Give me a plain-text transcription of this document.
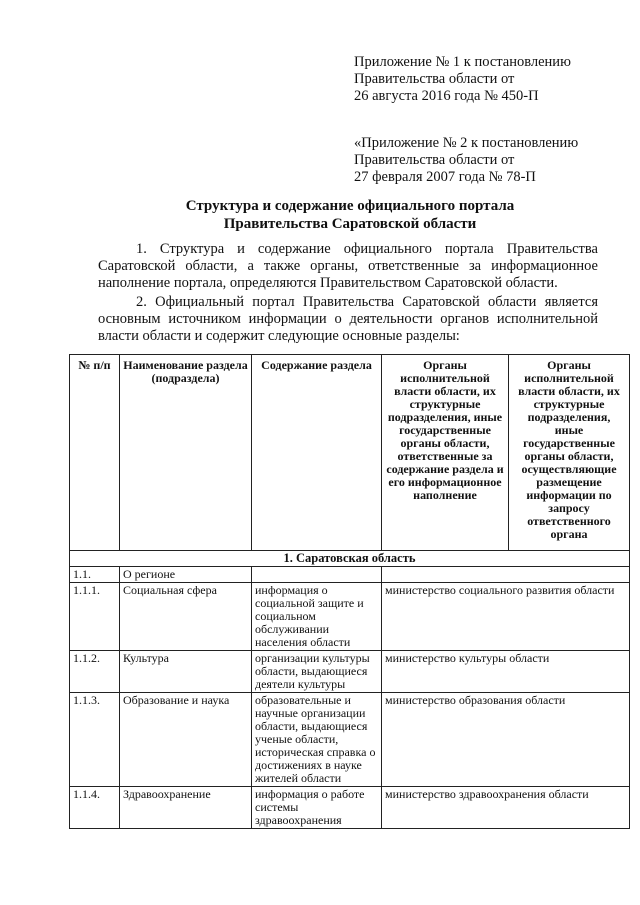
Приложение № 1 к постановлению
Правительства области от
26 августа 2016 года № 450-П
«Приложение № 2 к постановлению
Правительства области от
27 февраля 2007 года № 78-П
Структура и содержание официального портала
Правительства Саратовской области
1. Структура и содержание официального портала Правительства
Саратовской области, а также органы, ответственные за информационное
наполнение портала, определяются Правительством Саратовской области.
2. Официальный портал Правительства Саратовской области является
основным источником информации о деятельности органов исполнительной
власти области и содержит следующие основные разделы:
№ п/п	Наименование раздела (подраздела)	Содержание раздела	Органы исполнительной власти области, их структурные подразделения, иные государственные органы области, ответственные за содержание раздела и его информационное наполнение	Органы исполнительной власти области, их структурные подразделения, иные государственные органы области, осуществляющие размещение информации по запросу ответственного органа
1. Саратовская область				
1.1.	О регионе			
1.1.1.	Социальная сфера	информация о социальной защите и социальном обслуживании населения области	министерство социального развития области	
1.1.2.	Культура	организации культуры области, выдающиеся деятели культуры	министерство культуры области	
1.1.3.	Образование и наука	образовательные и научные организации области, выдающиеся ученые области, историческая справка о достижениях в науке жителей области	министерство образования области	
1.1.4.	Здравоохранение	информация о работе системы здравоохранения	министерство здравоохранения области	
